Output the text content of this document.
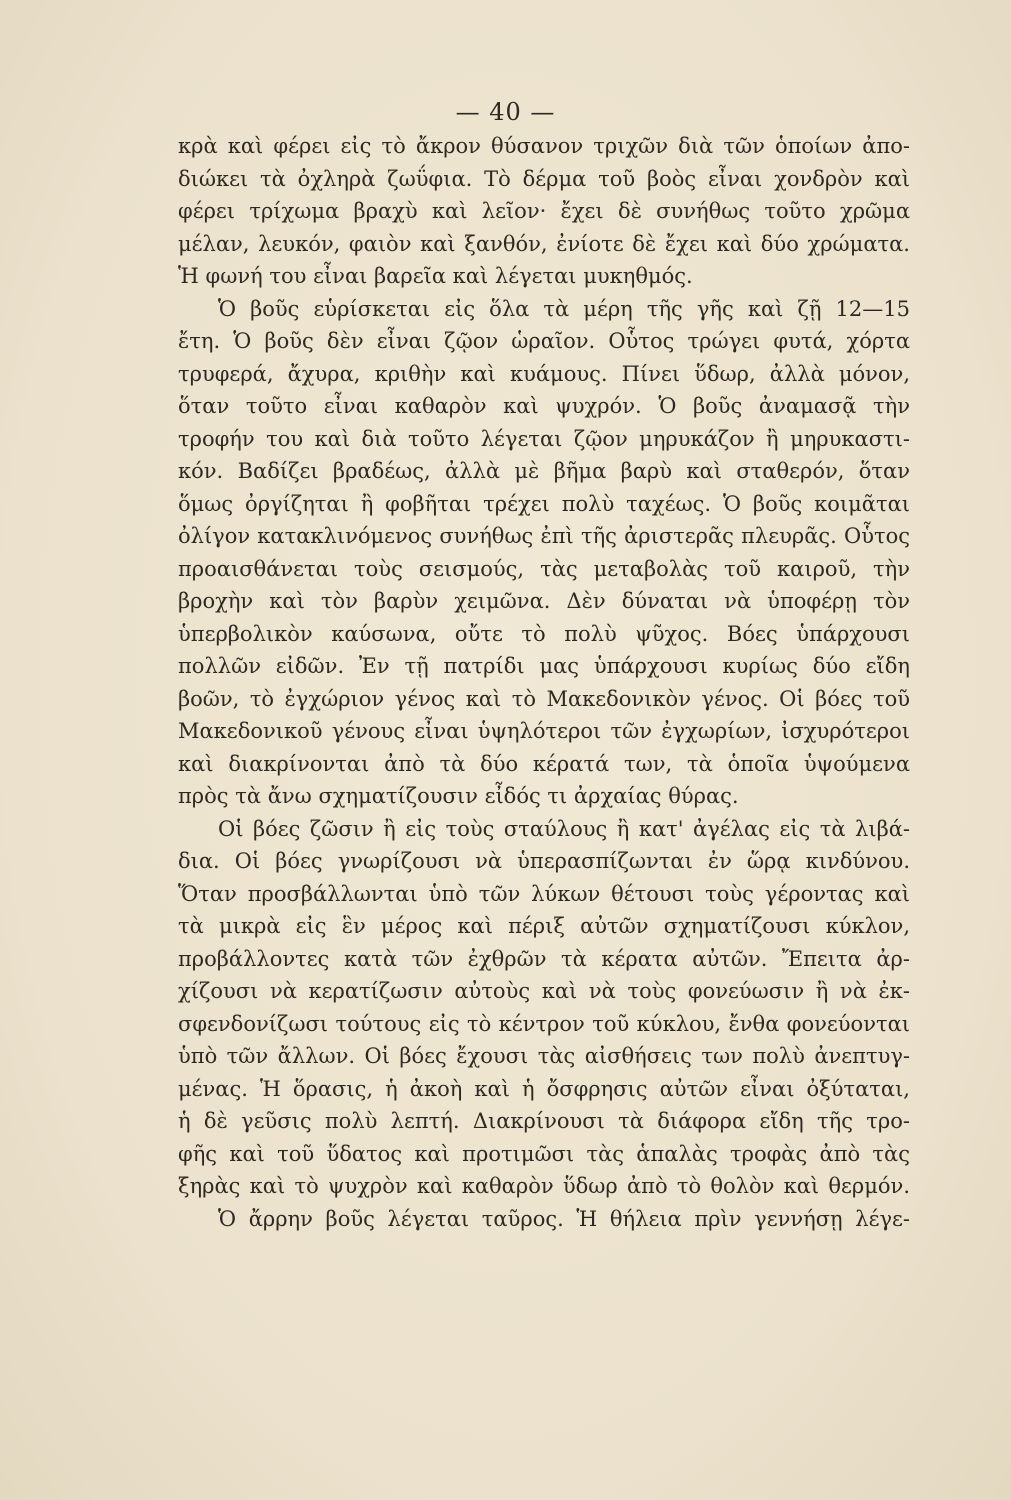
— 40 —
κρὰ καὶ φέρει εἰς τὸ ἄκρον θύσανον τριχῶν διὰ τῶν ὁποίων ἀπο-
διώκει τὰ ὀχληρὰ ζωΰφια. Τὸ δέρμα τοῦ βοὸς εἶναι χονδρὸν καὶ
φέρει τρίχωμα βραχὺ καὶ λεῖον· ἔχει δὲ συνήθως τοῦτο χρῶμα
μέλαν, λευκόν, φαιὸν καὶ ξανθόν, ἐνίοτε δὲ ἔχει καὶ δύο χρώματα.
Ἡ φωνή του εἶναι βαρεῖα καὶ λέγεται μυκηθμός.
Ὁ βοῦς εὑρίσκεται εἰς ὅλα τὰ μέρη τῆς γῆς καὶ ζῇ 12—15
ἔτη. Ὁ βοῦς δὲν εἶναι ζῷον ὡραῖον. Οὗτος τρώγει φυτά, χόρτα
τρυφερά, ἄχυρα, κριθὴν καὶ κυάμους. Πίνει ὕδωρ, ἀλλὰ μόνον,
ὅταν τοῦτο εἶναι καθαρὸν καὶ ψυχρόν. Ὁ βοῦς ἀναμασᾷ τὴν
τροφήν του καὶ διὰ τοῦτο λέγεται ζῷον μηρυκάζον ἢ μηρυκαστι-
κόν. Βαδίζει βραδέως, ἀλλὰ μὲ βῆμα βαρὺ καὶ σταθερόν, ὅταν
ὅμως ὀργίζηται ἢ φοβῆται τρέχει πολὺ ταχέως. Ὁ βοῦς κοιμᾶται
ὀλίγον κατακλινόμενος συνήθως ἐπὶ τῆς ἀριστερᾶς πλευρᾶς. Οὗτος
προαισθάνεται τοὺς σεισμούς, τὰς μεταβολὰς τοῦ καιροῦ, τὴν
βροχὴν καὶ τὸν βαρὺν χειμῶνα. Δὲν δύναται νὰ ὑποφέρῃ τὸν
ὑπερβολικὸν καύσωνα, οὔτε τὸ πολὺ ψῦχος. Βόες ὑπάρχουσι
πολλῶν εἰδῶν. Ἐν τῇ πατρίδι μας ὑπάρχουσι κυρίως δύο εἴδη
βοῶν, τὸ ἐγχώριον γένος καὶ τὸ Μακεδονικὸν γένος. Οἱ βόες τοῦ
Μακεδονικοῦ γένους εἶναι ὑψηλότεροι τῶν ἐγχωρίων, ἰσχυρότεροι
καὶ διακρίνονται ἀπὸ τὰ δύο κέρατά των, τὰ ὁποῖα ὑψούμενα
πρὸς τὰ ἄνω σχηματίζουσιν εἶδός τι ἀρχαίας θύρας.
Οἱ βόες ζῶσιν ἢ εἰς τοὺς σταύλους ἢ κατ' ἀγέλας εἰς τὰ λιβά-
δια. Οἱ βόες γνωρίζουσι νὰ ὑπερασπίζωνται ἐν ὥρᾳ κινδύνου.
Ὅταν προσβάλλωνται ὑπὸ τῶν λύκων θέτουσι τοὺς γέροντας καὶ
τὰ μικρὰ εἰς ἓν μέρος καὶ πέριξ αὐτῶν σχηματίζουσι κύκλον,
προβάλλοντες κατὰ τῶν ἐχθρῶν τὰ κέρατα αὐτῶν. Ἔπειτα ἀρ-
χίζουσι νὰ κερατίζωσιν αὐτοὺς καὶ νὰ τοὺς φονεύωσιν ἢ νὰ ἐκ-
σφενδονίζωσι τούτους εἰς τὸ κέντρον τοῦ κύκλου, ἔνθα φονεύονται
ὑπὸ τῶν ἄλλων. Οἱ βόες ἔχουσι τὰς αἰσθήσεις των πολὺ ἀνεπτυγ-
μένας. Ἡ ὅρασις, ἡ ἀκοὴ καὶ ἡ ὄσφρησις αὐτῶν εἶναι ὀξύταται,
ἡ δὲ γεῦσις πολὺ λεπτή. Διακρίνουσι τὰ διάφορα εἴδη τῆς τρο-
φῆς καὶ τοῦ ὕδατος καὶ προτιμῶσι τὰς ἁπαλὰς τροφὰς ἀπὸ τὰς
ξηρὰς καὶ τὸ ψυχρὸν καὶ καθαρὸν ὕδωρ ἀπὸ τὸ θολὸν καὶ θερμόν.
Ὁ ἄρρην βοῦς λέγεται ταῦρος. Ἡ θήλεια πρὶν γεννήσῃ λέγε-
